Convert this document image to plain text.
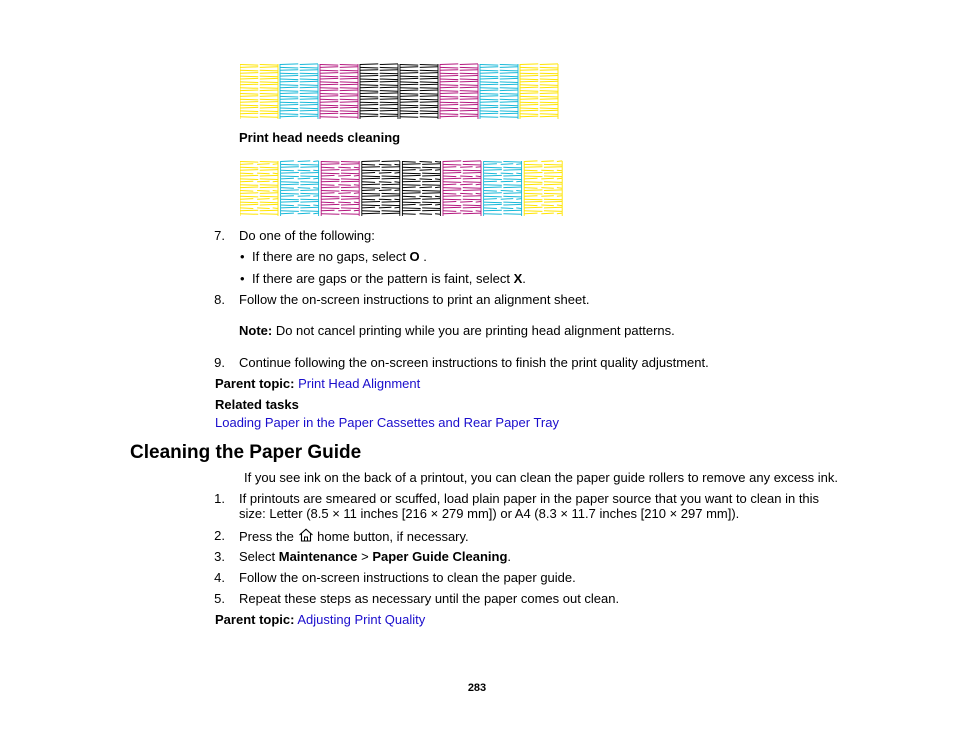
Print head needs cleaning
7. Do one of the following:
• If there are no gaps, select O .
• If there are gaps or the pattern is faint, select X.
8. Follow the on-screen instructions to print an alignment sheet.
Note: Do not cancel printing while you are printing head alignment patterns.
9. Continue following the on-screen instructions to finish the print quality adjustment.
Parent topic: Print Head Alignment
Related tasks
Loading Paper in the Paper Cassettes and Rear Paper Tray
Cleaning the Paper Guide
If you see ink on the back of a printout, you can clean the paper guide rollers to remove any excess ink.
1. If printouts are smeared or scuffed, load plain paper in the paper source that you want to clean in this
size: Letter (8.5 × 11 inches [216 × 279 mm]) or A4 (8.3 × 11.7 inches [210 × 297 mm]).
2. Press the  home button, if necessary.
3. Select Maintenance > Paper Guide Cleaning.
4. Follow the on-screen instructions to clean the paper guide.
5. Repeat these steps as necessary until the paper comes out clean.
Parent topic: Adjusting Print Quality
283
